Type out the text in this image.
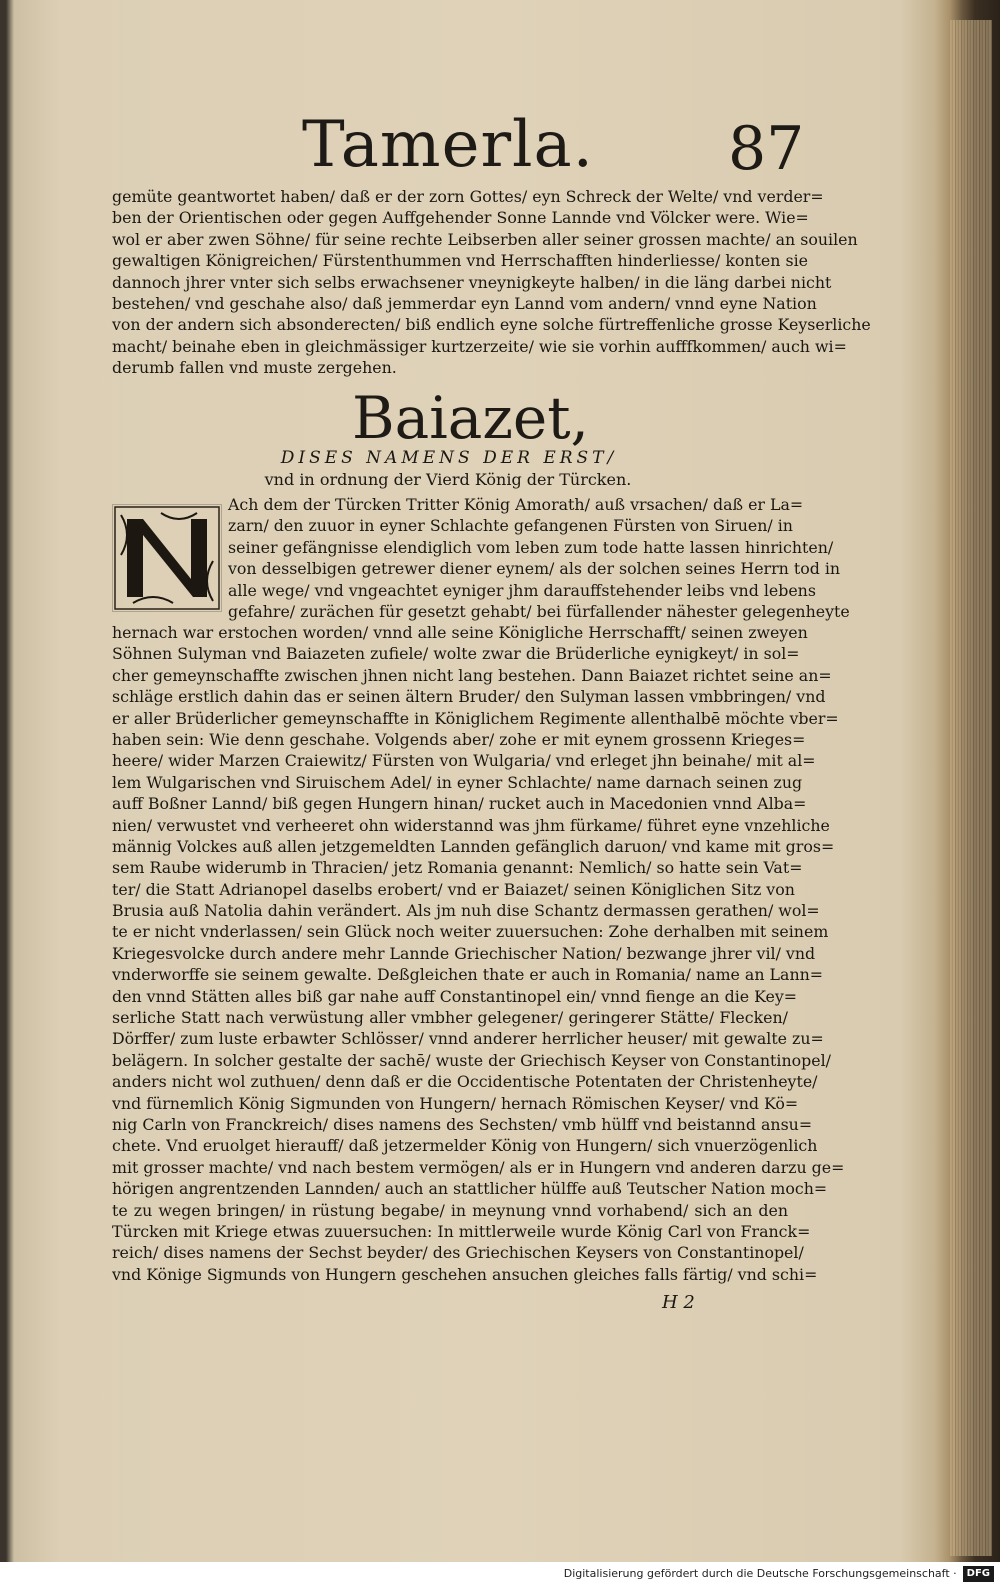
Tamerla. 87
gemüte geantwortet haben/ daß er der zorn Gottes/ eyn Schreck der Welte/ vnd verder=
ben der Orientischen oder gegen Auffgehender Sonne Lannde vnd Völcker were. Wie=
wol er aber zwen Söhne/ für seine rechte Leibserben aller seiner grossen machte/ an souilen
gewaltigen Königreichen/ Fürstenthummen vnd Herrschafften hinderliesse/ konten sie
dannoch jhrer vnter sich selbs erwachsener vneynigkeyte halben/ in die läng darbei nicht
bestehen/ vnd geschahe also/ daß jemmerdar eyn Lannd vom andern/ vnnd eyne Nation
von der andern sich absonderecten/ biß endlich eyne solche fürtreffenliche grosse Keyserliche
macht/ beinahe eben in gleichmässiger kurtzerzeite/ wie sie vorhin aufffkommen/ auch wi=
derumb fallen vnd muste zergehen.
Baiazet,
DISES NAMENS DER ERST/
vnd in ordnung der Vierd König der Türcken.
Ach dem der Türcken Tritter König Amorath/ auß vrsachen/ daß er La=
zarn/ den zuuor in eyner Schlachte gefangenen Fürsten von Siruen/ in
seiner gefängnisse elendiglich vom leben zum tode hatte lassen hinrichten/
von desselbigen getrewer diener eynem/ als der solchen seines Herrn tod in
alle wege/ vnd vngeachtet eyniger jhm darauffstehender leibs vnd lebens
gefahre/ zurächen für gesetzt gehabt/ bei fürfallender nähester gelegenheyte
hernach war erstochen worden/ vnnd alle seine Königliche Herrschafft/ seinen zweyen
Söhnen Sulyman vnd Baiazeten zufiele/ wolte zwar die Brüderliche eynigkeyt/ in sol=
cher gemeynschaffte zwischen jhnen nicht lang bestehen. Dann Baiazet richtet seine an=
schläge erstlich dahin das er seinen ältern Bruder/ den Sulyman lassen vmbbringen/ vnd
er aller Brüderlicher gemeynschaffte in Königlichem Regimente allenthalbē möchte vber=
haben sein: Wie denn geschahe. Volgends aber/ zohe er mit eynem grossenn Krieges=
heere/ wider Marzen Craiewitz/ Fürsten von Wulgaria/ vnd erleget jhn beinahe/ mit al=
lem Wulgarischen vnd Siruischem Adel/ in eyner Schlachte/ name darnach seinen zug
auff Boßner Lannd/ biß gegen Hungern hinan/ rucket auch in Macedonien vnnd Alba=
nien/ verwustet vnd verheeret ohn widerstannd was jhm fürkame/ führet eyne vnzehliche
männig Volckes auß allen jetzgemeldten Lannden gefänglich daruon/ vnd kame mit gros=
sem Raube widerumb in Thracien/ jetz Romania genannt: Nemlich/ so hatte sein Vat=
ter/ die Statt Adrianopel daselbs erobert/ vnd er Baiazet/ seinen Königlichen Sitz von
Brusia auß Natolia dahin verändert. Als jm nuh dise Schantz dermassen gerathen/ wol=
te er nicht vnderlassen/ sein Glück noch weiter zuuersuchen: Zohe derhalben mit seinem
Kriegesvolcke durch andere mehr Lannde Griechischer Nation/ bezwange jhrer vil/ vnd
vnderworffe sie seinem gewalte. Deßgleichen thate er auch in Romania/ name an Lann=
den vnnd Stätten alles biß gar nahe auff Constantinopel ein/ vnnd fienge an die Key=
serliche Statt nach verwüstung aller vmbher gelegener/ geringerer Stätte/ Flecken/
Dörffer/ zum luste erbawter Schlösser/ vnnd anderer herrlicher heuser/ mit gewalte zu=
belägern. In solcher gestalte der sachē/ wuste der Griechisch Keyser von Constantinopel/
anders nicht wol zuthuen/ denn daß er die Occidentische Potentaten der Christenheyte/
vnd fürnemlich König Sigmunden von Hungern/ hernach Römischen Keyser/ vnd Kö=
nig Carln von Franckreich/ dises namens des Sechsten/ vmb hülff vnd beistannd ansu=
chete. Vnd eruolget hierauff/ daß jetzermelder König von Hungern/ sich vnuerzögenlich
mit grosser machte/ vnd nach bestem vermögen/ als er in Hungern vnd anderen darzu ge=
hörigen angrentzenden Lannden/ auch an stattlicher hülffe auß Teutscher Nation moch=
te zu wegen bringen/ in rüstung begabe/ in meynung vnnd vorhabend/ sich an den
Türcken mit Kriege etwas zuuersuchen: In mittlerweile wurde König Carl von Franck=
reich/ dises namens der Sechst beyder/ des Griechischen Keysers von Constantinopel/
vnd Könige Sigmunds von Hungern geschehen ansuchen gleiches falls färtig/ vnd schi=
H 2
Digitalisierung gefördert durch die Deutsche Forschungsgemeinschaft · DFG
